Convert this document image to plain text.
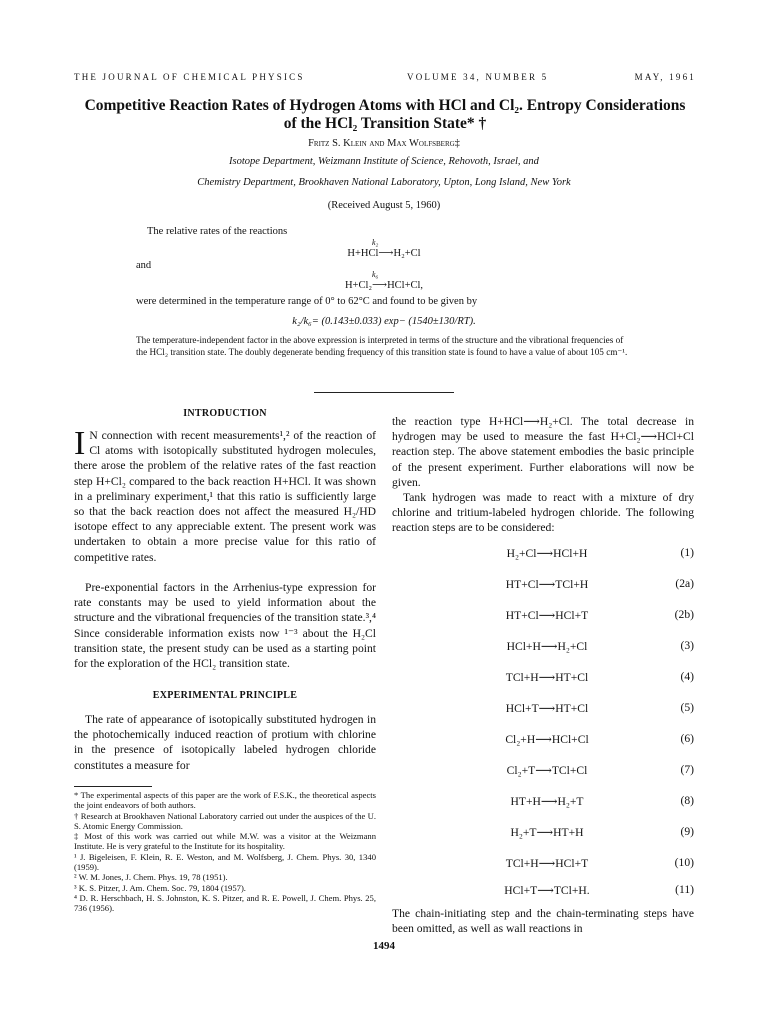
THE JOURNAL OF CHEMICAL PHYSICS	VOLUME 34, NUMBER 5	MAY, 1961
Competitive Reaction Rates of Hydrogen Atoms with HCl and Cl₂. Entropy Considerations
of the HCl₂ Transition State* †
Fritz S. Klein and Max Wolfsberg‡
Isotope Department, Weizmann Institute of Science, Rehovoth, Israel, and
Chemistry Department, Brookhaven National Laboratory, Upton, Long Island, New York
(Received August 5, 1960)
The relative rates of the reactions
k₂
H+HCl⟶H₂+Cl
and
k₆
H+Cl₂⟶HCl+Cl,
were determined in the temperature range of 0° to 62°C and found to be given by
k₂/k₆= (0.143±0.033) exp− (1540±130/RT).
The temperature-independent factor in the above expression is interpreted in terms of the structure and the vibrational frequencies of the HCl₂ transition state. The doubly degenerate bending frequency of this transition state is found to have a value of about 105 cm⁻¹.
INTRODUCTION
I N connection with recent measurements¹,² of the reaction of Cl atoms with isotopically substituted hydrogen molecules, there arose the problem of the relative rates of the fast reaction step H+Cl₂ compared to the back reaction H+HCl. It was shown in a preliminary experiment,¹ that this ratio is sufficiently large so that the back reaction does not affect the measured H₂/HD isotope effect to any appreciable extent. The present work was undertaken to obtain a more precise value for this ratio of competitive rates.
Pre-exponential factors in the Arrhenius-type expression for rate constants may be used to yield information about the structure and the vibrational frequencies of the transition state.³,⁴ Since considerable information exists now ¹⁻³ about the H₂Cl transition state, the present study can be used as a starting point for the exploration of the HCl₂ transition state.
EXPERIMENTAL PRINCIPLE
The rate of appearance of isotopically substituted hydrogen in the photochemically induced reaction of protium with chlorine in the presence of isotopically labeled hydrogen chloride constitutes a measure for
* The experimental aspects of this paper are the work of F.S.K., the theoretical aspects the joint endeavors of both authors.
† Research at Brookhaven National Laboratory carried out under the auspices of the U. S. Atomic Energy Commission.
‡ Most of this work was carried out while M.W. was a visitor at the Weizmann Institute. He is very grateful to the Institute for its hospitality.
¹ J. Bigeleisen, F. Klein, R. E. Weston, and M. Wolfsberg, J. Chem. Phys. 30, 1340 (1959).
² W. M. Jones, J. Chem. Phys. 19, 78 (1951).
³ K. S. Pitzer, J. Am. Chem. Soc. 79, 1804 (1957).
⁴ D. R. Herschbach, H. S. Johnston, K. S. Pitzer, and R. E. Powell, J. Chem. Phys. 25, 736 (1956).
the reaction type H+HCl⟶H₂+Cl. The total decrease in hydrogen may be used to measure the fast H+Cl₂⟶HCl+Cl reaction step. The above statement embodies the basic principle of the present experiment. Further elaborations will now be given.
Tank hydrogen was made to react with a mixture of dry chlorine and tritium-labeled hydrogen chloride. The following reaction steps are to be considered:
H₂+Cl⟶HCl+H	(1)
HT+Cl⟶TCl+H	(2a)
HT+Cl⟶HCl+T	(2b)
HCl+H⟶H₂+Cl	(3)
TCl+H⟶HT+Cl	(4)
HCl+T⟶HT+Cl	(5)
Cl₂+H⟶HCl+Cl	(6)
Cl₂+T⟶TCl+Cl	(7)
HT+H⟶H₂+T	(8)
H₂+T⟶HT+H	(9)
TCl+H⟶HCl+T	(10)
HCl+T⟶TCl+H.	(11)
The chain-initiating step and the chain-terminating steps have been omitted, as well as wall reactions in
1494
